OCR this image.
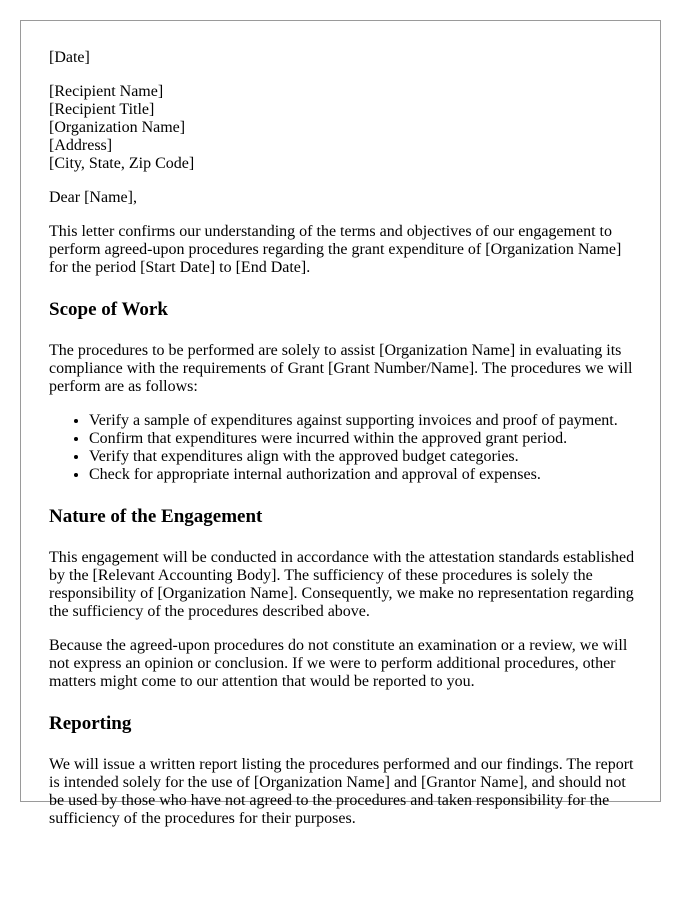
[Date]

[Recipient Name]
[Recipient Title]
[Organization Name]
[Address]
[City, State, Zip Code]

Dear [Name],

This letter confirms our understanding of the terms and objectives of our engagement to perform agreed-upon procedures regarding the grant expenditure of [Organization Name] for the period [Start Date] to [End Date].

Scope of Work

The procedures to be performed are solely to assist [Organization Name] in evaluating its compliance with the requirements of Grant [Grant Number/Name]. The procedures we will perform are as follows:

• Verify a sample of expenditures against supporting invoices and proof of payment.
• Confirm that expenditures were incurred within the approved grant period.
• Verify that expenditures align with the approved budget categories.
• Check for appropriate internal authorization and approval of expenses.
Nature of the Engagement

This engagement will be conducted in accordance with the attestation standards established by the [Relevant Accounting Body]. The sufficiency of these procedures is solely the responsibility of [Organization Name]. Consequently, we make no representation regarding the sufficiency of the procedures described above.

Because the agreed-upon procedures do not constitute an examination or a review, we will not express an opinion or conclusion. If we were to perform additional procedures, other matters might come to our attention that would be reported to you.

Reporting

We will issue a written report listing the procedures performed and our findings. The report is intended solely for the use of [Organization Name] and [Grantor Name], and should not be used by those who have not agreed to the procedures and taken responsibility for the sufficiency of the procedures for their purposes.
